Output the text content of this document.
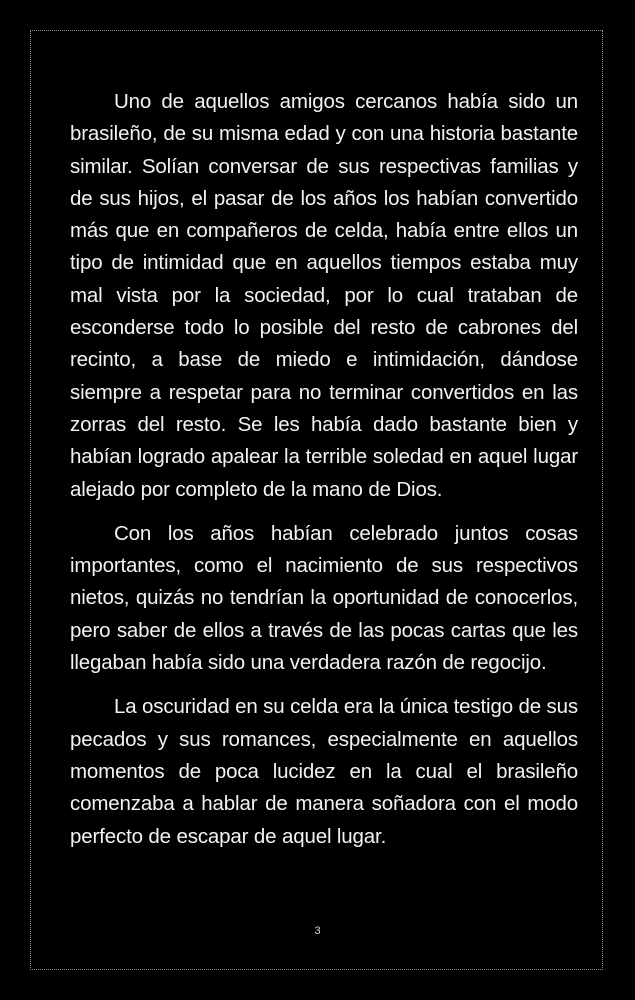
Uno de aquellos amigos cercanos había sido un brasileño, de su misma edad y con una historia bastante similar. Solían conversar de sus respectivas familias y de sus hijos, el pasar de los años los habían convertido más que en compañeros de celda, había entre ellos un tipo de intimidad que en aquellos tiempos estaba muy mal vista por la sociedad, por lo cual trataban de esconderse todo lo posible del resto de cabrones del recinto, a base de miedo e intimidación, dándose siempre a respetar para no terminar convertidos en las zorras del resto. Se les había dado bastante bien y habían logrado apalear la terrible soledad en aquel lugar alejado por completo de la mano de Dios.

Con los años habían celebrado juntos cosas importantes, como el nacimiento de sus respectivos nietos, quizás no tendrían la oportunidad de conocerlos, pero saber de ellos a través de las pocas cartas que les llegaban había sido una verdadera razón de regocijo.

La oscuridad en su celda era la única testigo de sus pecados y sus romances, especialmente en aquellos momentos de poca lucidez en la cual el brasileño comenzaba a hablar de manera soñadora con el modo perfecto de escapar de aquel lugar.

3
